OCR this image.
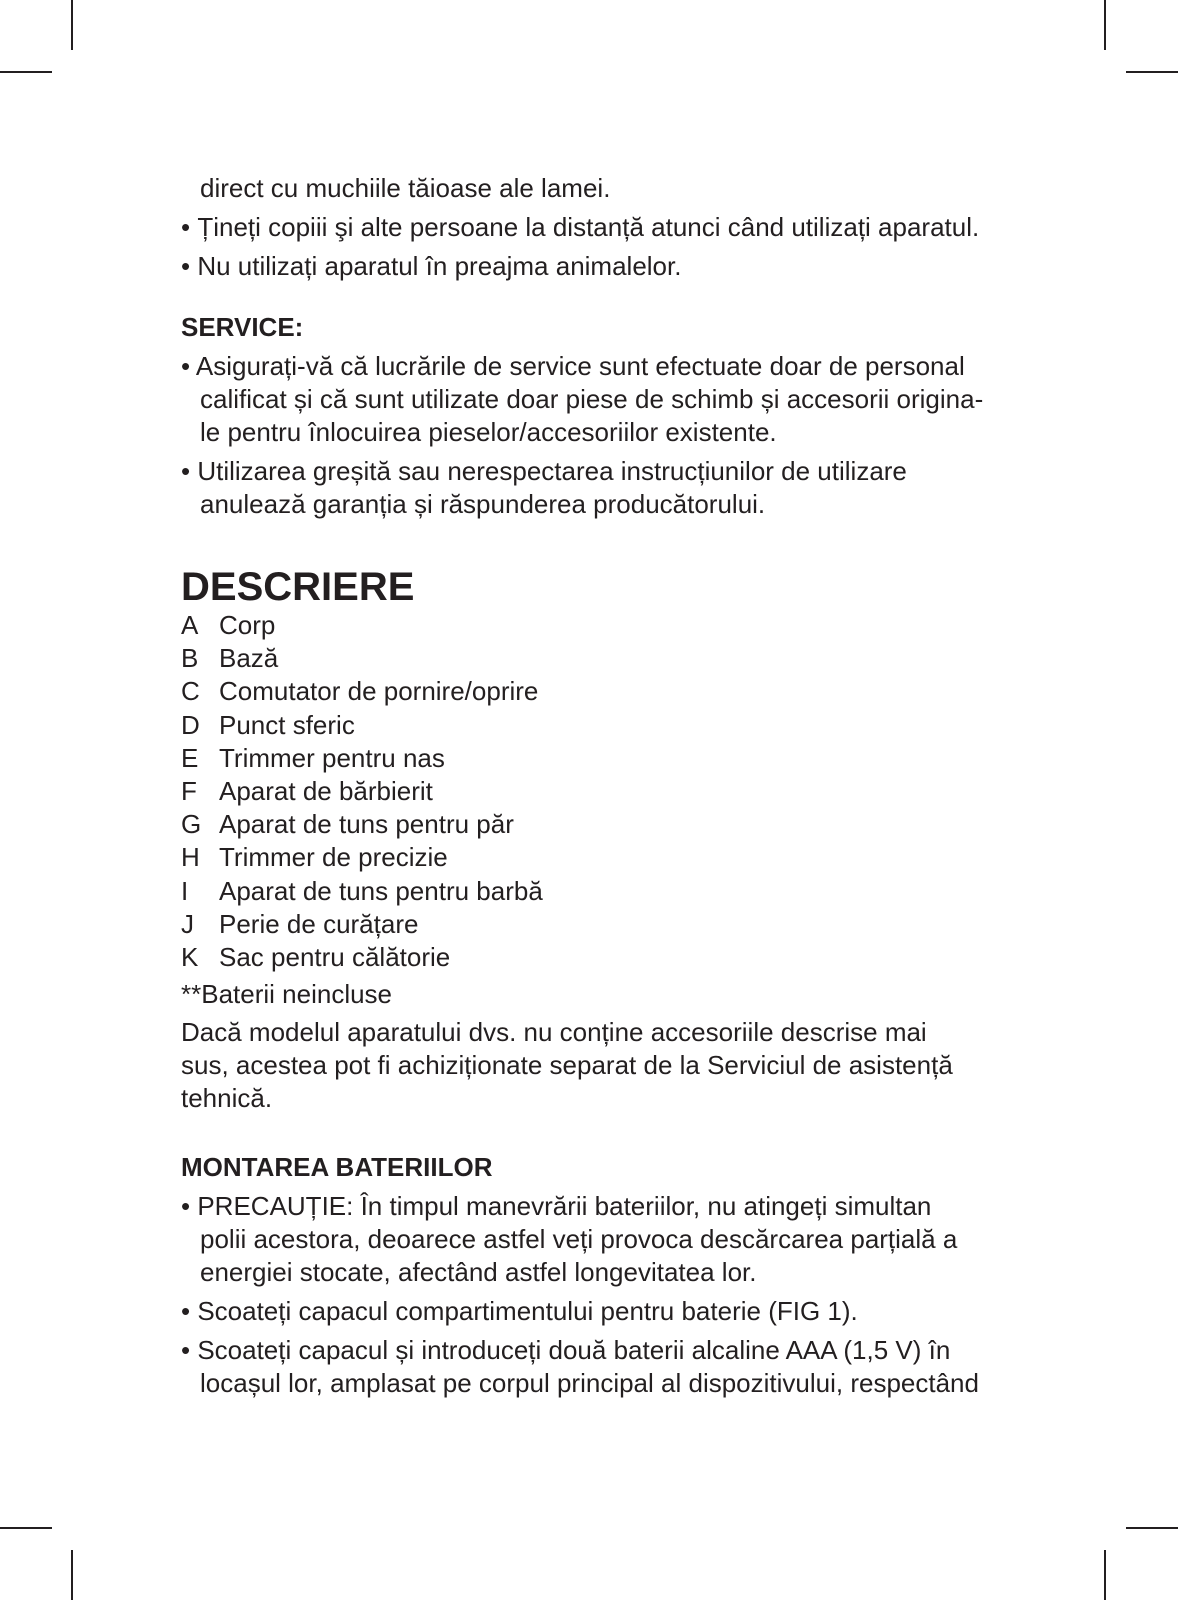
direct cu muchiile tăioase ale lamei.
• Țineți copiii şi alte persoane la distanță atunci când utilizați aparatul.
• Nu utilizați aparatul în preajma animalelor.
SERVICE:
• Asigurați-vă că lucrările de service sunt efectuate doar de personal
calificat și că sunt utilizate doar piese de schimb și accesorii origina-
le pentru înlocuirea pieselor/accesoriilor existente.
• Utilizarea greșită sau nerespectarea instrucțiunilor de utilizare
anulează garanția și răspunderea producătorului.
DESCRIERE
A Corp
B Bază
C Comutator de pornire/oprire
D Punct sferic
E Trimmer pentru nas
F Aparat de bărbierit
G Aparat de tuns pentru păr
H Trimmer de precizie
I	Aparat de tuns pentru barbă
J Perie de curățare
K Sac pentru călătorie
**Baterii neincluse
Dacă modelul aparatului dvs. nu conține accesoriile descrise mai
sus, acestea pot fi achiziționate separat de la Serviciul de asistență
tehnică.
MONTAREA BATERIILOR
• PRECAUȚIE: În timpul manevrării bateriilor, nu atingeți simultan
polii acestora, deoarece astfel veți provoca descărcarea parțială a
energiei stocate, afectând astfel longevitatea lor.
• Scoateți capacul compartimentului pentru baterie (FIG 1).
• Scoateți capacul și introduceți două baterii alcaline AAA (1,5 V) în
locașul lor, amplasat pe corpul principal al dispozitivului, respectând
